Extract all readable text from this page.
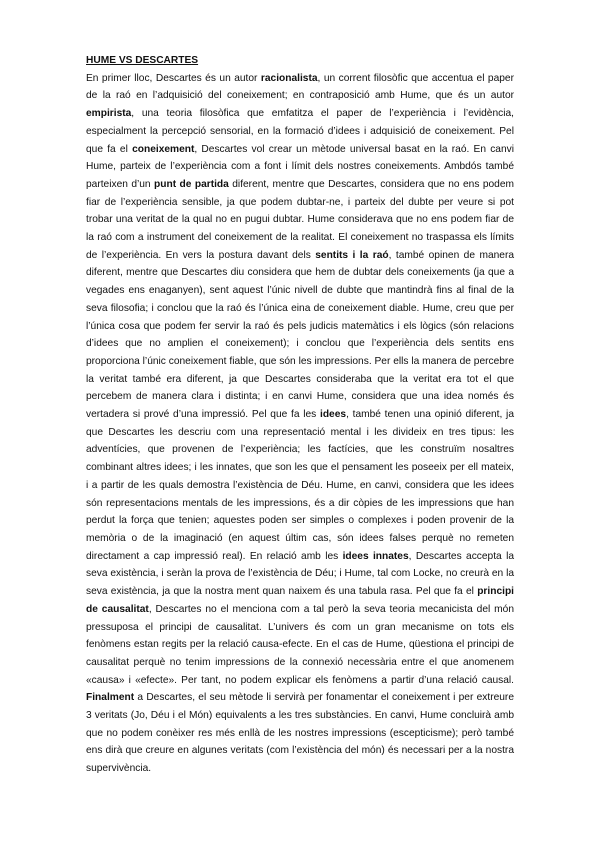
HUME VS DESCARTES

En primer lloc, Descartes és un autor racionalista, un corrent filosòfic que accentua el paper de la raó en l’adquisició del coneixement; en contraposició amb Hume, que és un autor empirista, una teoria filosòfica que emfatitza el paper de l’experiència i l’evidència, especialment la percepció sensorial, en la formació d’idees i adquisició de coneixement. Pel que fa el coneixement, Descartes vol crear un mètode universal basat en la raó. En canvi Hume, parteix de l’experiència com a font i límit dels nostres coneixements. Ambdós també parteixen d’un punt de partida diferent, mentre que Descartes, considera que no ens podem fiar de l’experiència sensible, ja que podem dubtar-ne, i parteix del dubte per veure si pot trobar una veritat de la qual no en pugui dubtar. Hume considerava que no ens podem fiar de la raó com a instrument del coneixement de la realitat. El coneixement no traspassa els límits de l’experiència. En vers la postura davant dels sentits i la raó, també opinen de manera diferent, mentre que Descartes diu considera que hem de dubtar dels coneixements (ja que a vegades ens enaganyen), sent aquest l’únic nivell de dubte que mantindrà fins al final de la seva filosofia; i conclou que la raó és l’única eina de coneixement diable. Hume, creu que per l’única cosa que podem fer servir la raó és pels judicis matemàtics i els lògics (són relacions d’idees que no amplien el coneixement); i conclou que l’experiència dels sentits ens proporciona l’únic coneixement fiable, que són les impressions. Per ells la manera de percebre la veritat també era diferent, ja que Descartes consideraba que la veritat era tot el que percebem de manera clara i distinta; i en canvi Hume, considera que una idea només és vertadera si prové d’una impressió. Pel que fa les idees, també tenen una opinió diferent, ja que Descartes les descriu com una representació mental i les divideix en tres tipus: les adventícies, que provenen de l’experiència; les factícies, que les construïm nosaltres combinant altres idees; i les innates, que son les que el pensament les poseeix per ell mateix, i a partir de les quals demostra l’existència de Déu. Hume, en canvi, considera que les idees són representacions mentals de les impressions, és a dir còpies de les impressions que han perdut la força que tenien; aquestes poden ser simples o complexes i poden provenir de la memòria o de la imaginació (en aquest últim cas, són idees falses perquè no remeten directament a cap impressió real). En relació amb les idees innates, Descartes accepta la seva existència, i seràn la prova de l’existència de Déu; i Hume, tal com Locke, no creurà en la seva existència, ja que la nostra ment quan naixem és una tabula rasa. Pel que fa el principi de causalitat, Descartes no el menciona com a tal però la seva teoria mecanicista del món pressuposa el principi de causalitat. L’univers és com un gran mecanisme on tots els fenòmens estan regits per la relació causa-efecte. En el cas de Hume, qüestiona el principi de causalitat perquè no tenim impressions de la connexió necessària entre el que anomenem «causa» i «efecte». Per tant, no podem explicar els fenòmens a partir d’una relació causal. Finalment a Descartes, el seu mètode li servirà per fonamentar el coneixement i per extreure 3 veritats (Jo, Déu i el Món) equivalents a les tres substàncies. En canvi, Hume concluirà amb que no podem conèixer res més enllà de les nostres impressions (escepticisme); però també ens dirà que creure en algunes veritats (com l’existència del món) és necessari per a la nostra supervivència.
